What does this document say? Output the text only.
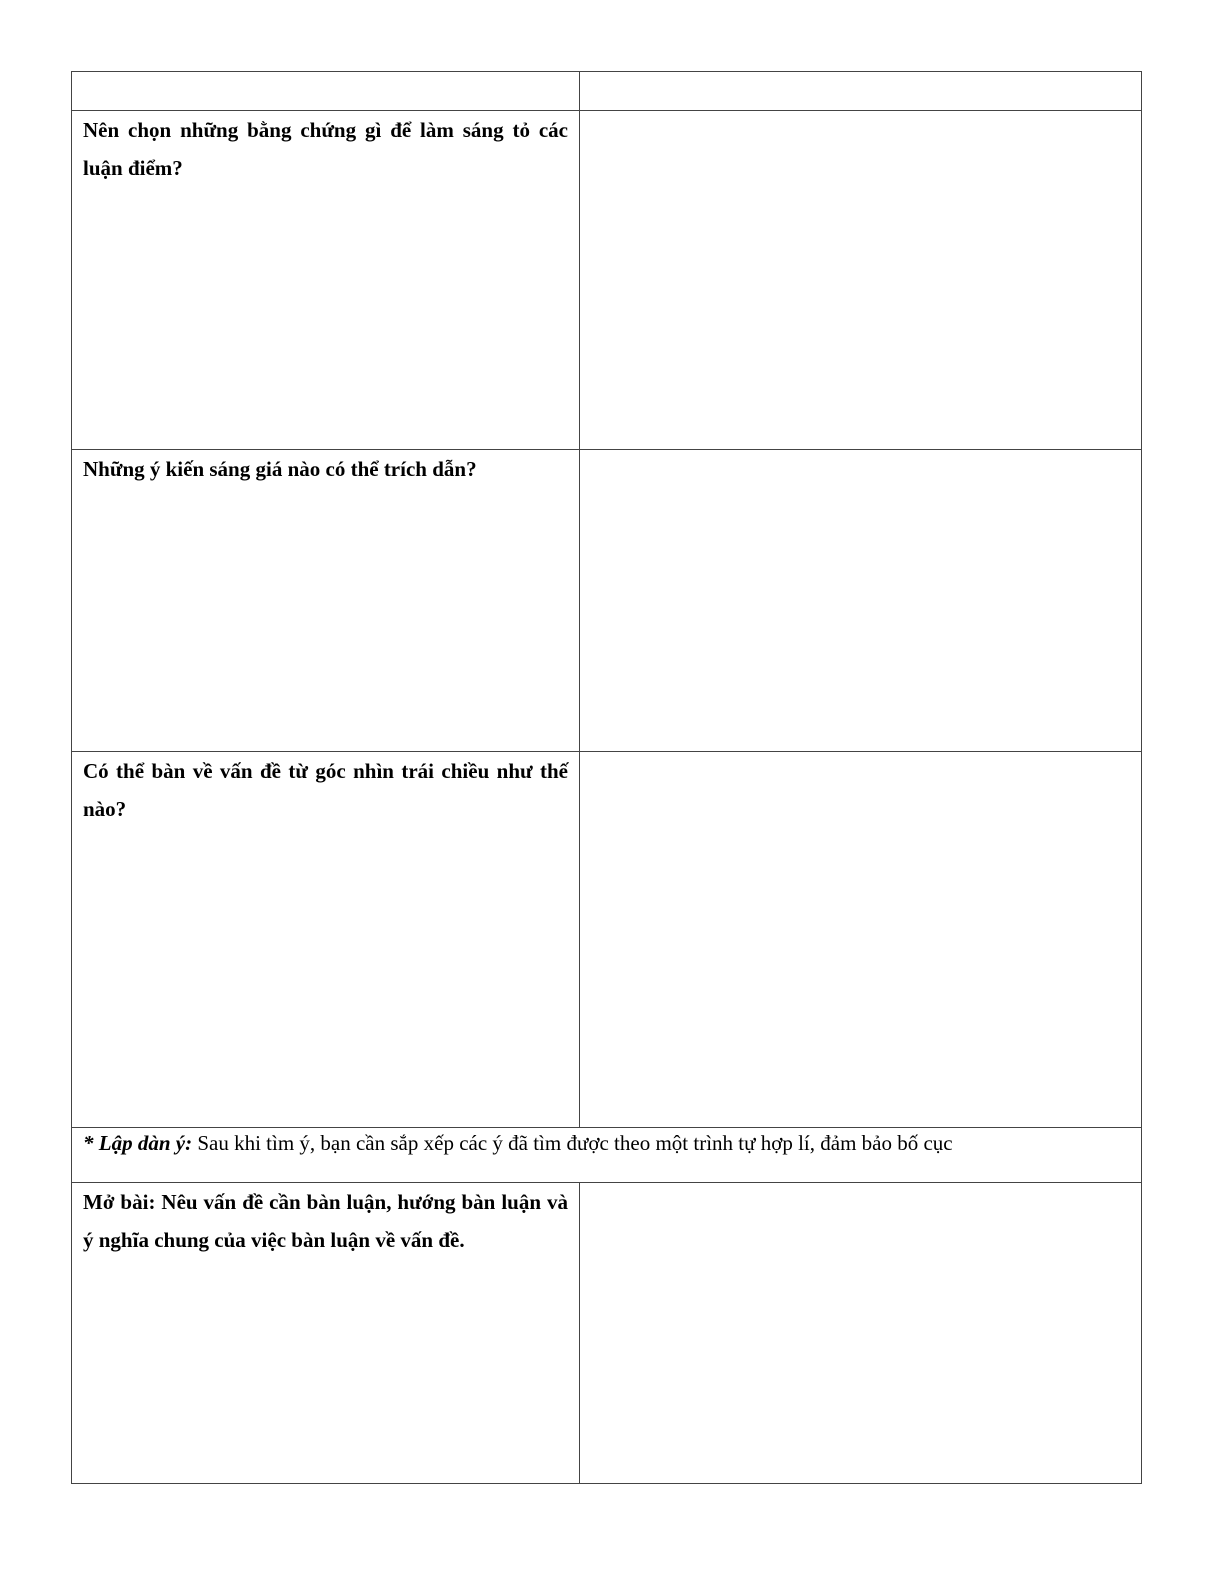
Nên chọn những bằng chứng gì để làm sáng tỏ các luận điểm?	

Những ý kiến sáng giá nào có thể trích dẫn?	

Có thể bàn về vấn đề từ góc nhìn trái chiều như thế nào?	

* Lập dàn ý: Sau khi tìm ý, bạn cần sắp xếp các ý đã tìm được theo một trình tự hợp lí, đảm bảo bố cục	

Mở bài: Nêu vấn đề cần bàn luận, hướng bàn luận và ý nghĩa chung của việc bàn luận về vấn đề.	
